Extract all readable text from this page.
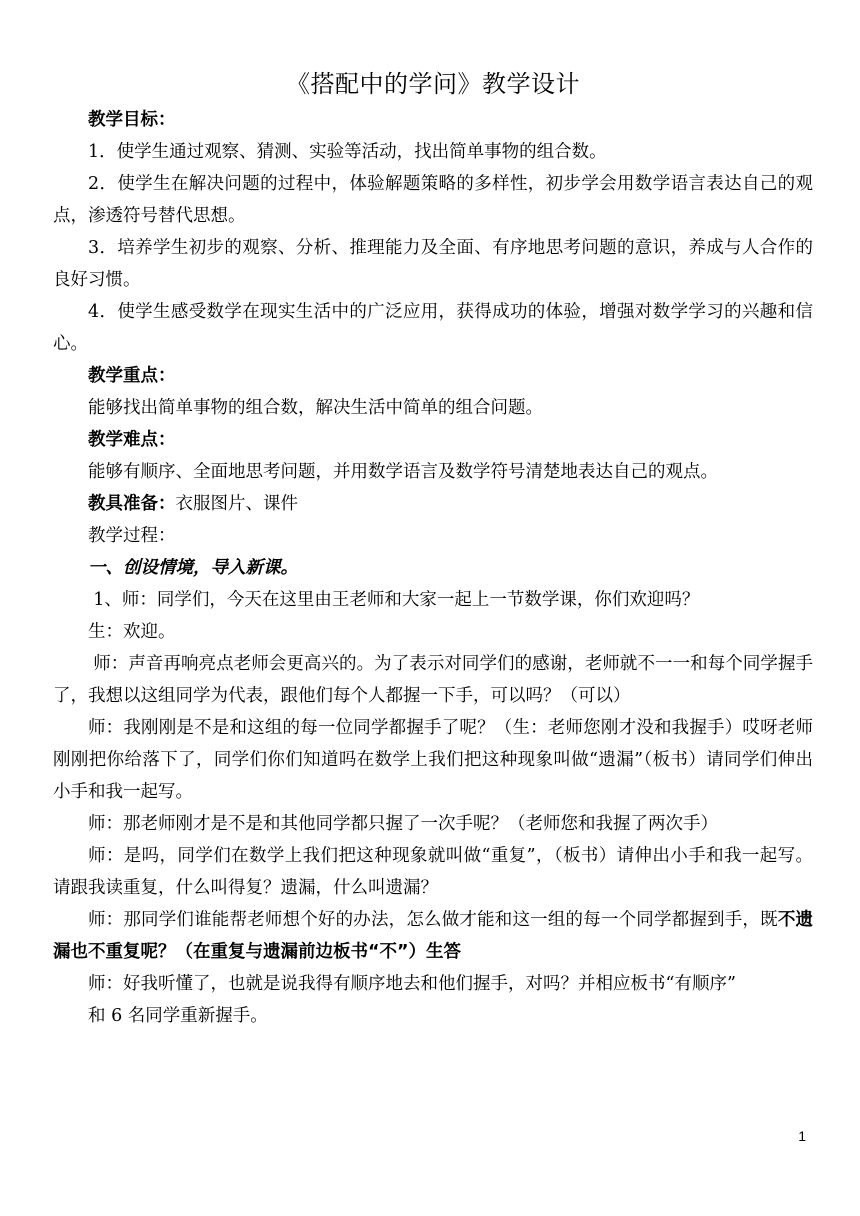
《搭配中的学问》教学设计

教学目标：

1．使学生通过观察、猜测、实验等活动，找出简单事物的组合数。

2．使学生在解决问题的过程中，体验解题策略的多样性，初步学会用数学语言表达自己的观点，渗透符号替代思想。

3．培养学生初步的观察、分析、推理能力及全面、有序地思考问题的意识，养成与人合作的良好习惯。

4．使学生感受数学在现实生活中的广泛应用，获得成功的体验，增强对数学学习的兴趣和信心。

教学重点：

能够找出简单事物的组合数，解决生活中简单的组合问题。

教学难点：

能够有顺序、全面地思考问题，并用数学语言及数学符号清楚地表达自己的观点。

教具准备：衣服图片、课件

教学过程：

一、创设情境，导入新课。

1、师：同学们，今天在这里由王老师和大家一起上一节数学课，你们欢迎吗？

生：欢迎。

师：声音再响亮点老师会更高兴的。为了表示对同学们的感谢，老师就不一一和每个同学握手了，我想以这组同学为代表，跟他们每个人都握一下手，可以吗？（可以）

师：我刚刚是不是和这组的每一位同学都握手了呢？（生：老师您刚才没和我握手）哎呀老师刚刚把你给落下了，同学们你们知道吗在数学上我们把这种现象叫做“遗漏”（板书）请同学们伸出小手和我一起写。

师：那老师刚才是不是和其他同学都只握了一次手呢？（老师您和我握了两次手）

师：是吗，同学们在数学上我们把这种现象就叫做“重复”，（板书）请伸出小手和我一起写。请跟我读重复，什么叫得复？遗漏，什么叫遗漏？

师：那同学们谁能帮老师想个好的办法，怎么做才能和这一组的每一个同学都握到手，既不遗漏也不重复呢？（在重复与遗漏前边板书“不”）生答

师：好我听懂了，也就是说我得有顺序地去和他们握手，对吗？并相应板书“有顺序”

和 6 名同学重新握手。

1
